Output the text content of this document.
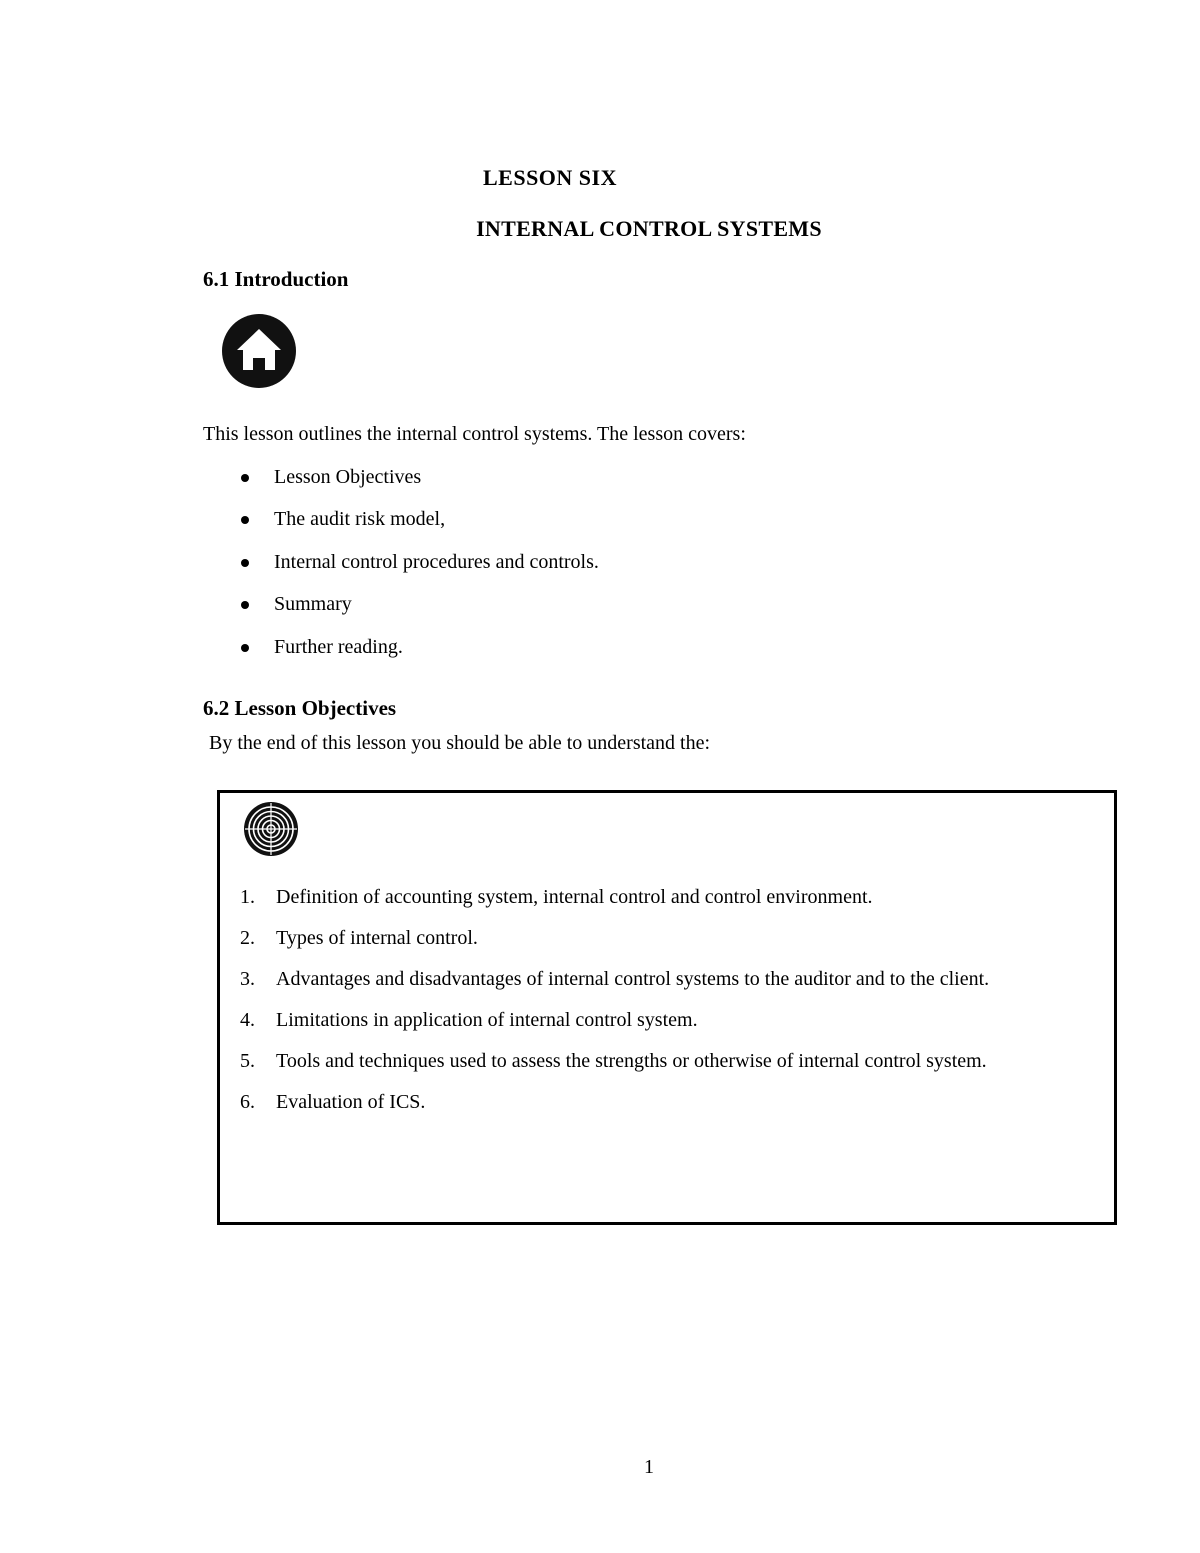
LESSON SIX
INTERNAL CONTROL SYSTEMS
6.1 Introduction
This lesson outlines the internal control systems. The lesson covers:
Lesson Objectives
The audit risk model,
Internal control procedures and controls.
Summary
Further reading.
6.2 Lesson Objectives
By the end of this lesson you should be able to understand the:
1. Definition of accounting system, internal control and control environment.
2. Types of internal control.
3. Advantages and disadvantages of internal control systems to the auditor and to the client.
4. Limitations in application of internal control system.
5. Tools and techniques used to assess the strengths or otherwise of internal control system.
6. Evaluation of ICS.
1
